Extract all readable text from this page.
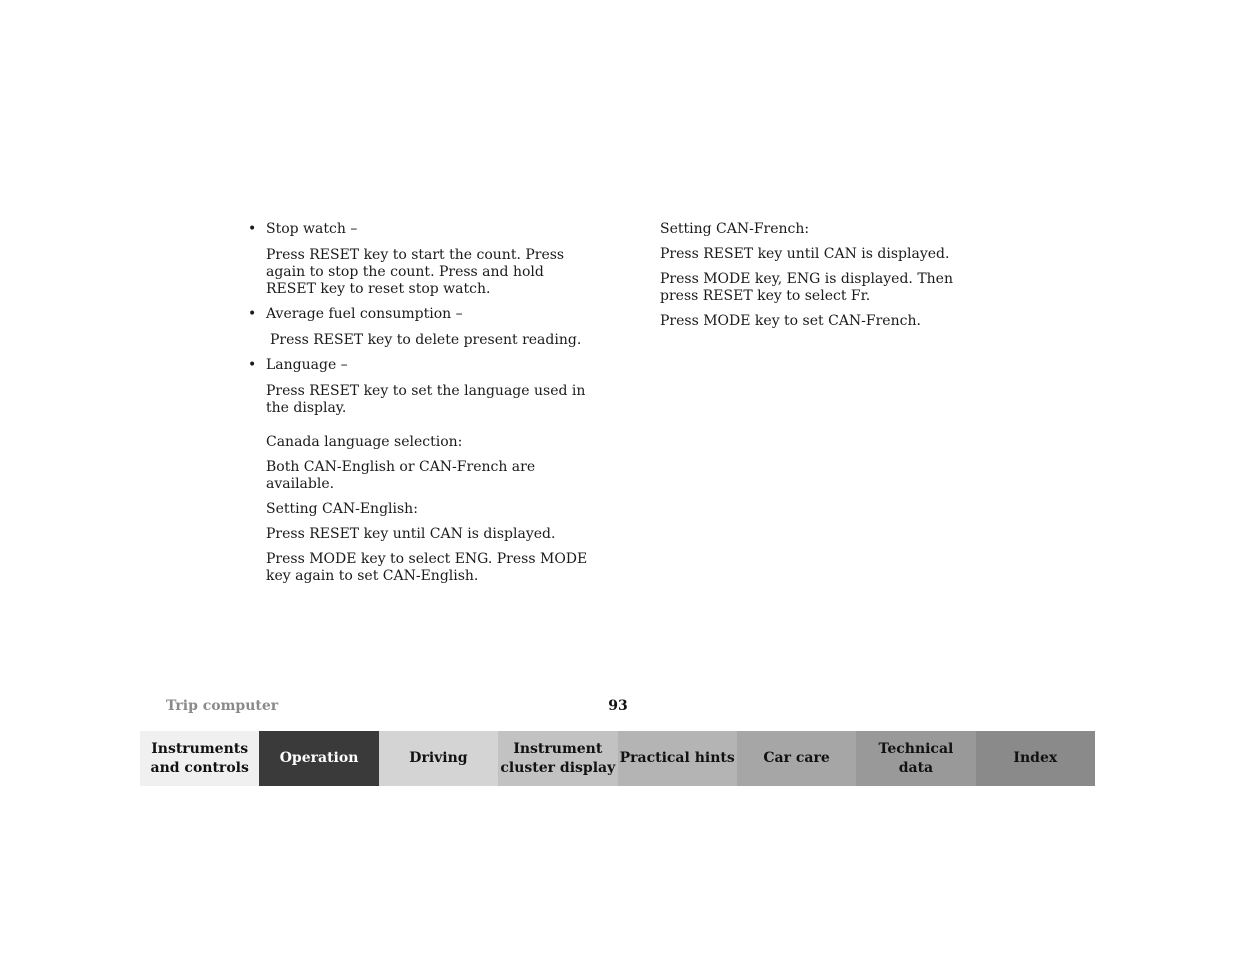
• Stop watch –

Press RESET key to start the count. Press again to stop the count. Press and hold RESET key to reset stop watch.

• Average fuel consumption –

Press RESET key to delete present reading.

• Language –

Press RESET key to set the language used in the display.

Canada language selection:

Both CAN-English or CAN-French are available.

Setting CAN-English:

Press RESET key until CAN is displayed.

Press MODE key to select ENG. Press MODE key again to set CAN-English.

Setting CAN-French:

Press RESET key until CAN is displayed.

Press MODE key, ENG is displayed. Then press RESET key to select Fr.

Press MODE key to set CAN-French.

Trip computer	93
Instruments
and controls
Operation	Driving
Instrument
cluster display
Practical hints	Car care
Technical
data
Index
